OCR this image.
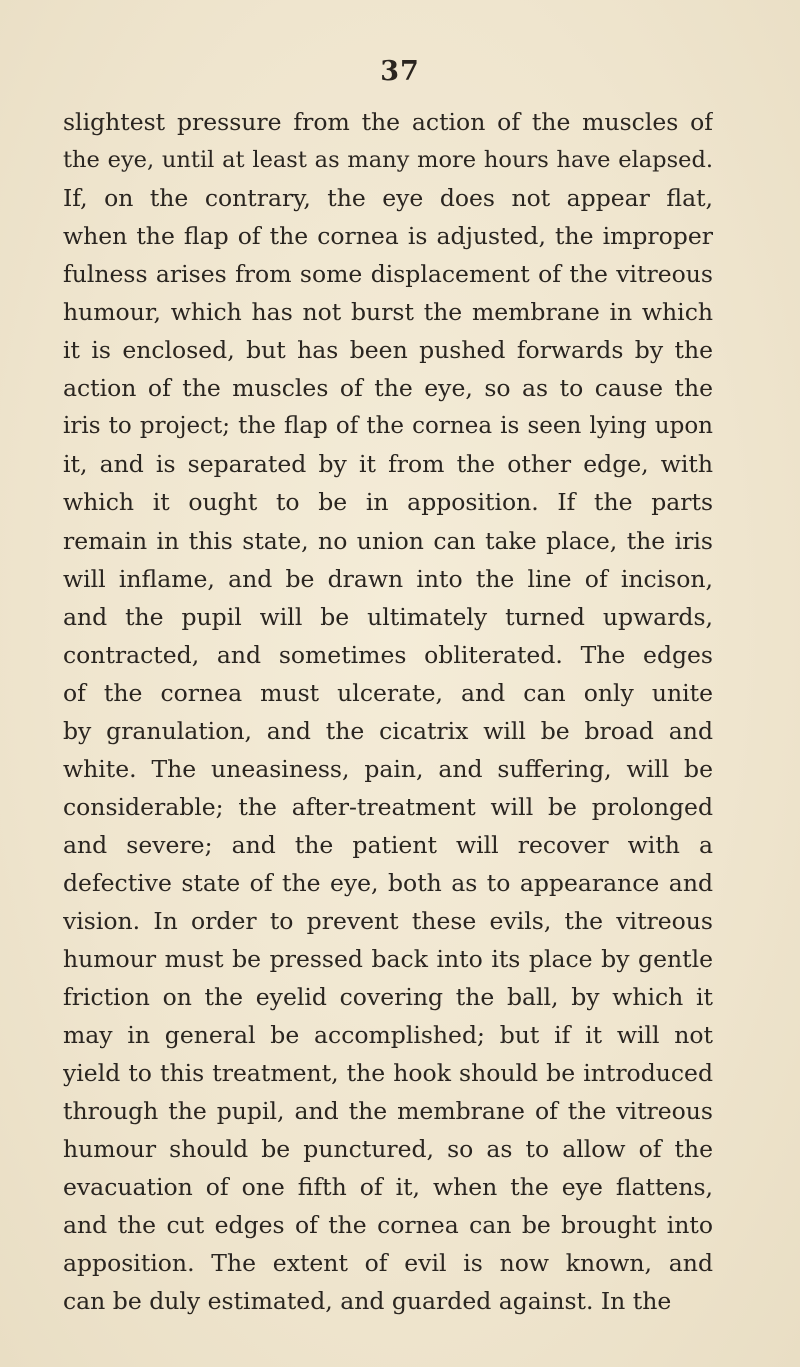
37
slightest pressure from the action of the muscles of
the eye, until at least as many more hours have elapsed.
If, on the contrary, the eye does not appear flat,
when the flap of the cornea is adjusted, the improper
fulness arises from some displacement of the vitreous
humour, which has not burst the membrane in which
it is enclosed, but has been pushed forwards by the
action of the muscles of the eye, so as to cause the
iris to project; the flap of the cornea is seen lying upon
it, and is separated by it from the other edge, with
which it ought to be in apposition. If the parts
remain in this state, no union can take place, the iris
will inflame, and be drawn into the line of incison,
and the pupil will be ultimately turned upwards,
contracted, and sometimes obliterated. The edges
of the cornea must ulcerate, and can only unite
by granulation, and the cicatrix will be broad and
white. The uneasiness, pain, and suffering, will be
considerable; the after-treatment will be prolonged
and severe; and the patient will recover with a
defective state of the eye, both as to appearance and
vision. In order to prevent these evils, the vitreous
humour must be pressed back into its place by gentle
friction on the eyelid covering the ball, by which it
may in general be accomplished; but if it will not
yield to this treatment, the hook should be introduced
through the pupil, and the membrane of the vitreous
humour should be punctured, so as to allow of the
evacuation of one fifth of it, when the eye flattens,
and the cut edges of the cornea can be brought into
apposition. The extent of evil is now known, and
can be duly estimated, and guarded against. In the
